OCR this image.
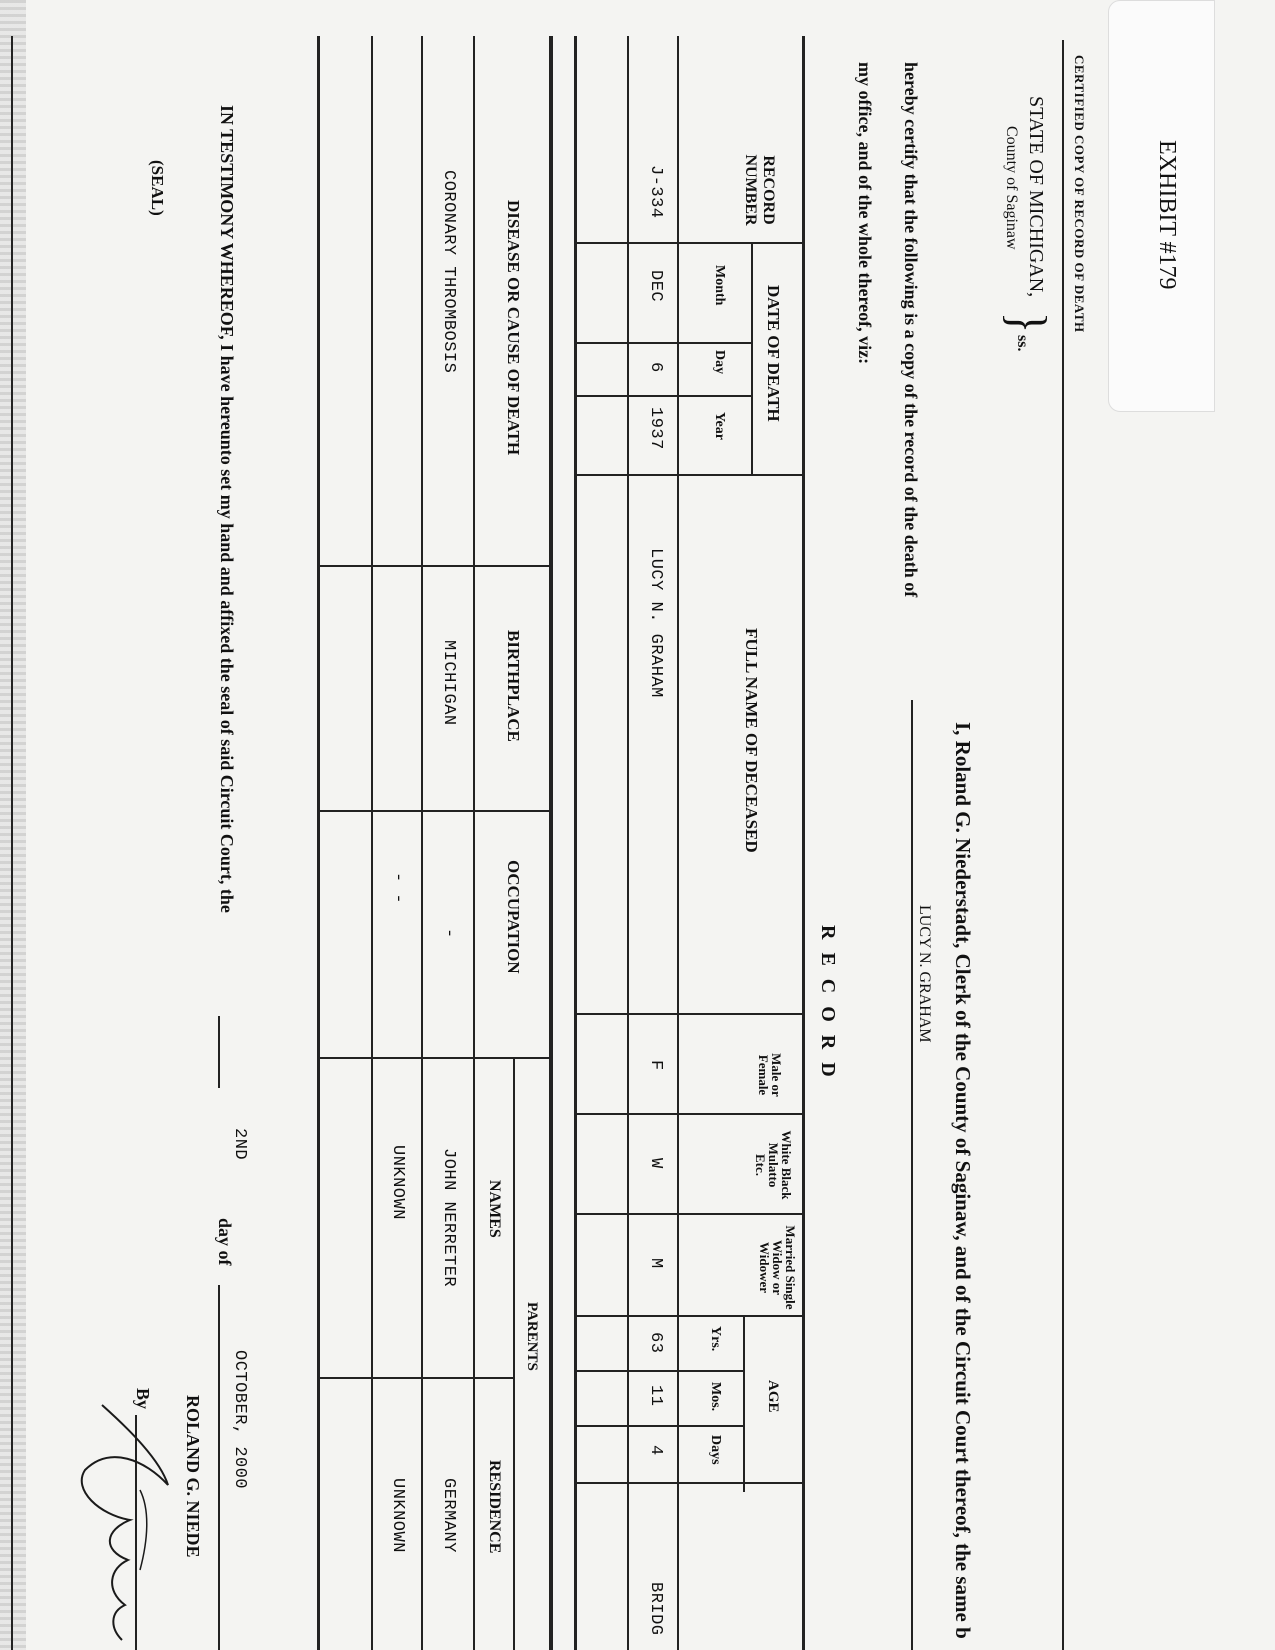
EXHIBIT #179
CERTIFIED COPY OF RECORD OF DEATH
STATE OF MICHIGAN,
County of Saginaw
}
ss.
I, Roland G. Niederstadt, Clerk of the County of Saginaw, and of the Circuit Court thereof, the same b
LUCY N. GRAHAM
hereby certify that the following is a copy of the record of the death of
my office, and of the whole thereof, viz:
R E C O R D
RECORD NUMBER
DATE OF DEATH
Month
Day
Year
FULL NAME OF DECEASED
Male or Female
White Black Mulatto Etc.
Married Single Widow or Widower
AGE
Yrs.
Mos.
Days
J-334
DEC
6
1937
LUCY N. GRAHAM
F
W
M
63
11
4
BRIDG
DISEASE OR CAUSE OF DEATH
BIRTHPLACE
OCCUPATION
PARENTS
NAMES
RESIDENCE
CORONARY THROMBOSIS
MICHIGAN
-
- -
JOHN NERRETER
GERMANY
UNKNOWN
UNKNOWN
IN TESTIMONY WHEREOF, I have hereunto set my hand and affixed the seal of said Circuit Court, the
2ND
day of
OCTOBER, 2000
(SEAL)
ROLAND G. NIEDE
By
